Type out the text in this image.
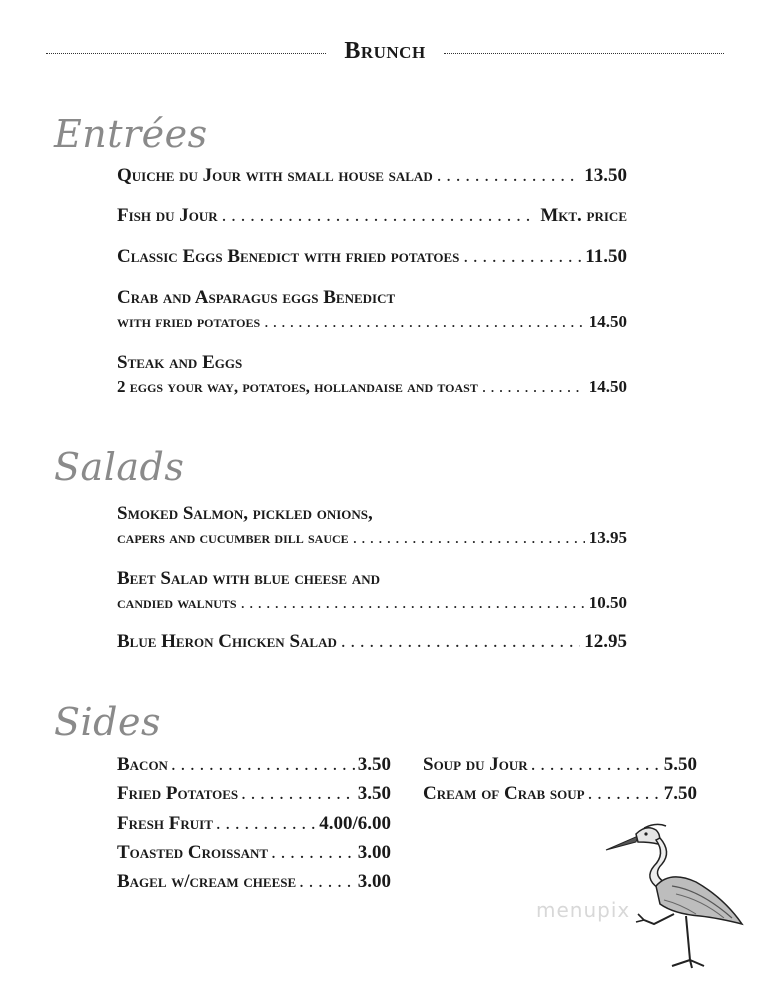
Brunch
Entrées
Quiche du Jour with small house salad . . .	13.50
Fish du Jour . . .	Mkt. price
Classic Eggs Benedict with fried potatoes . . .	11.50
Crab and Asparagus eggs Benedict
with fried potatoes . . .	14.50
Steak and Eggs
2 eggs your way, potatoes, hollandaise and toast . . .	14.50
Salads
Smoked Salmon, pickled onions,
capers and cucumber dill sauce . . .	13.95
Beet Salad with blue cheese and
candied walnuts . . .	10.50
Blue Heron Chicken Salad . . .	12.95
Sides
Bacon . . .	3.50
Fried Potatoes . . .	3.50
Fresh Fruit . . .	4.00/6.00
Toasted Croissant . . .	3.00
Bagel w/cream cheese . . .	3.00
Soup du Jour . . .	5.50
Cream of Crab soup . . .	7.50
menupix
